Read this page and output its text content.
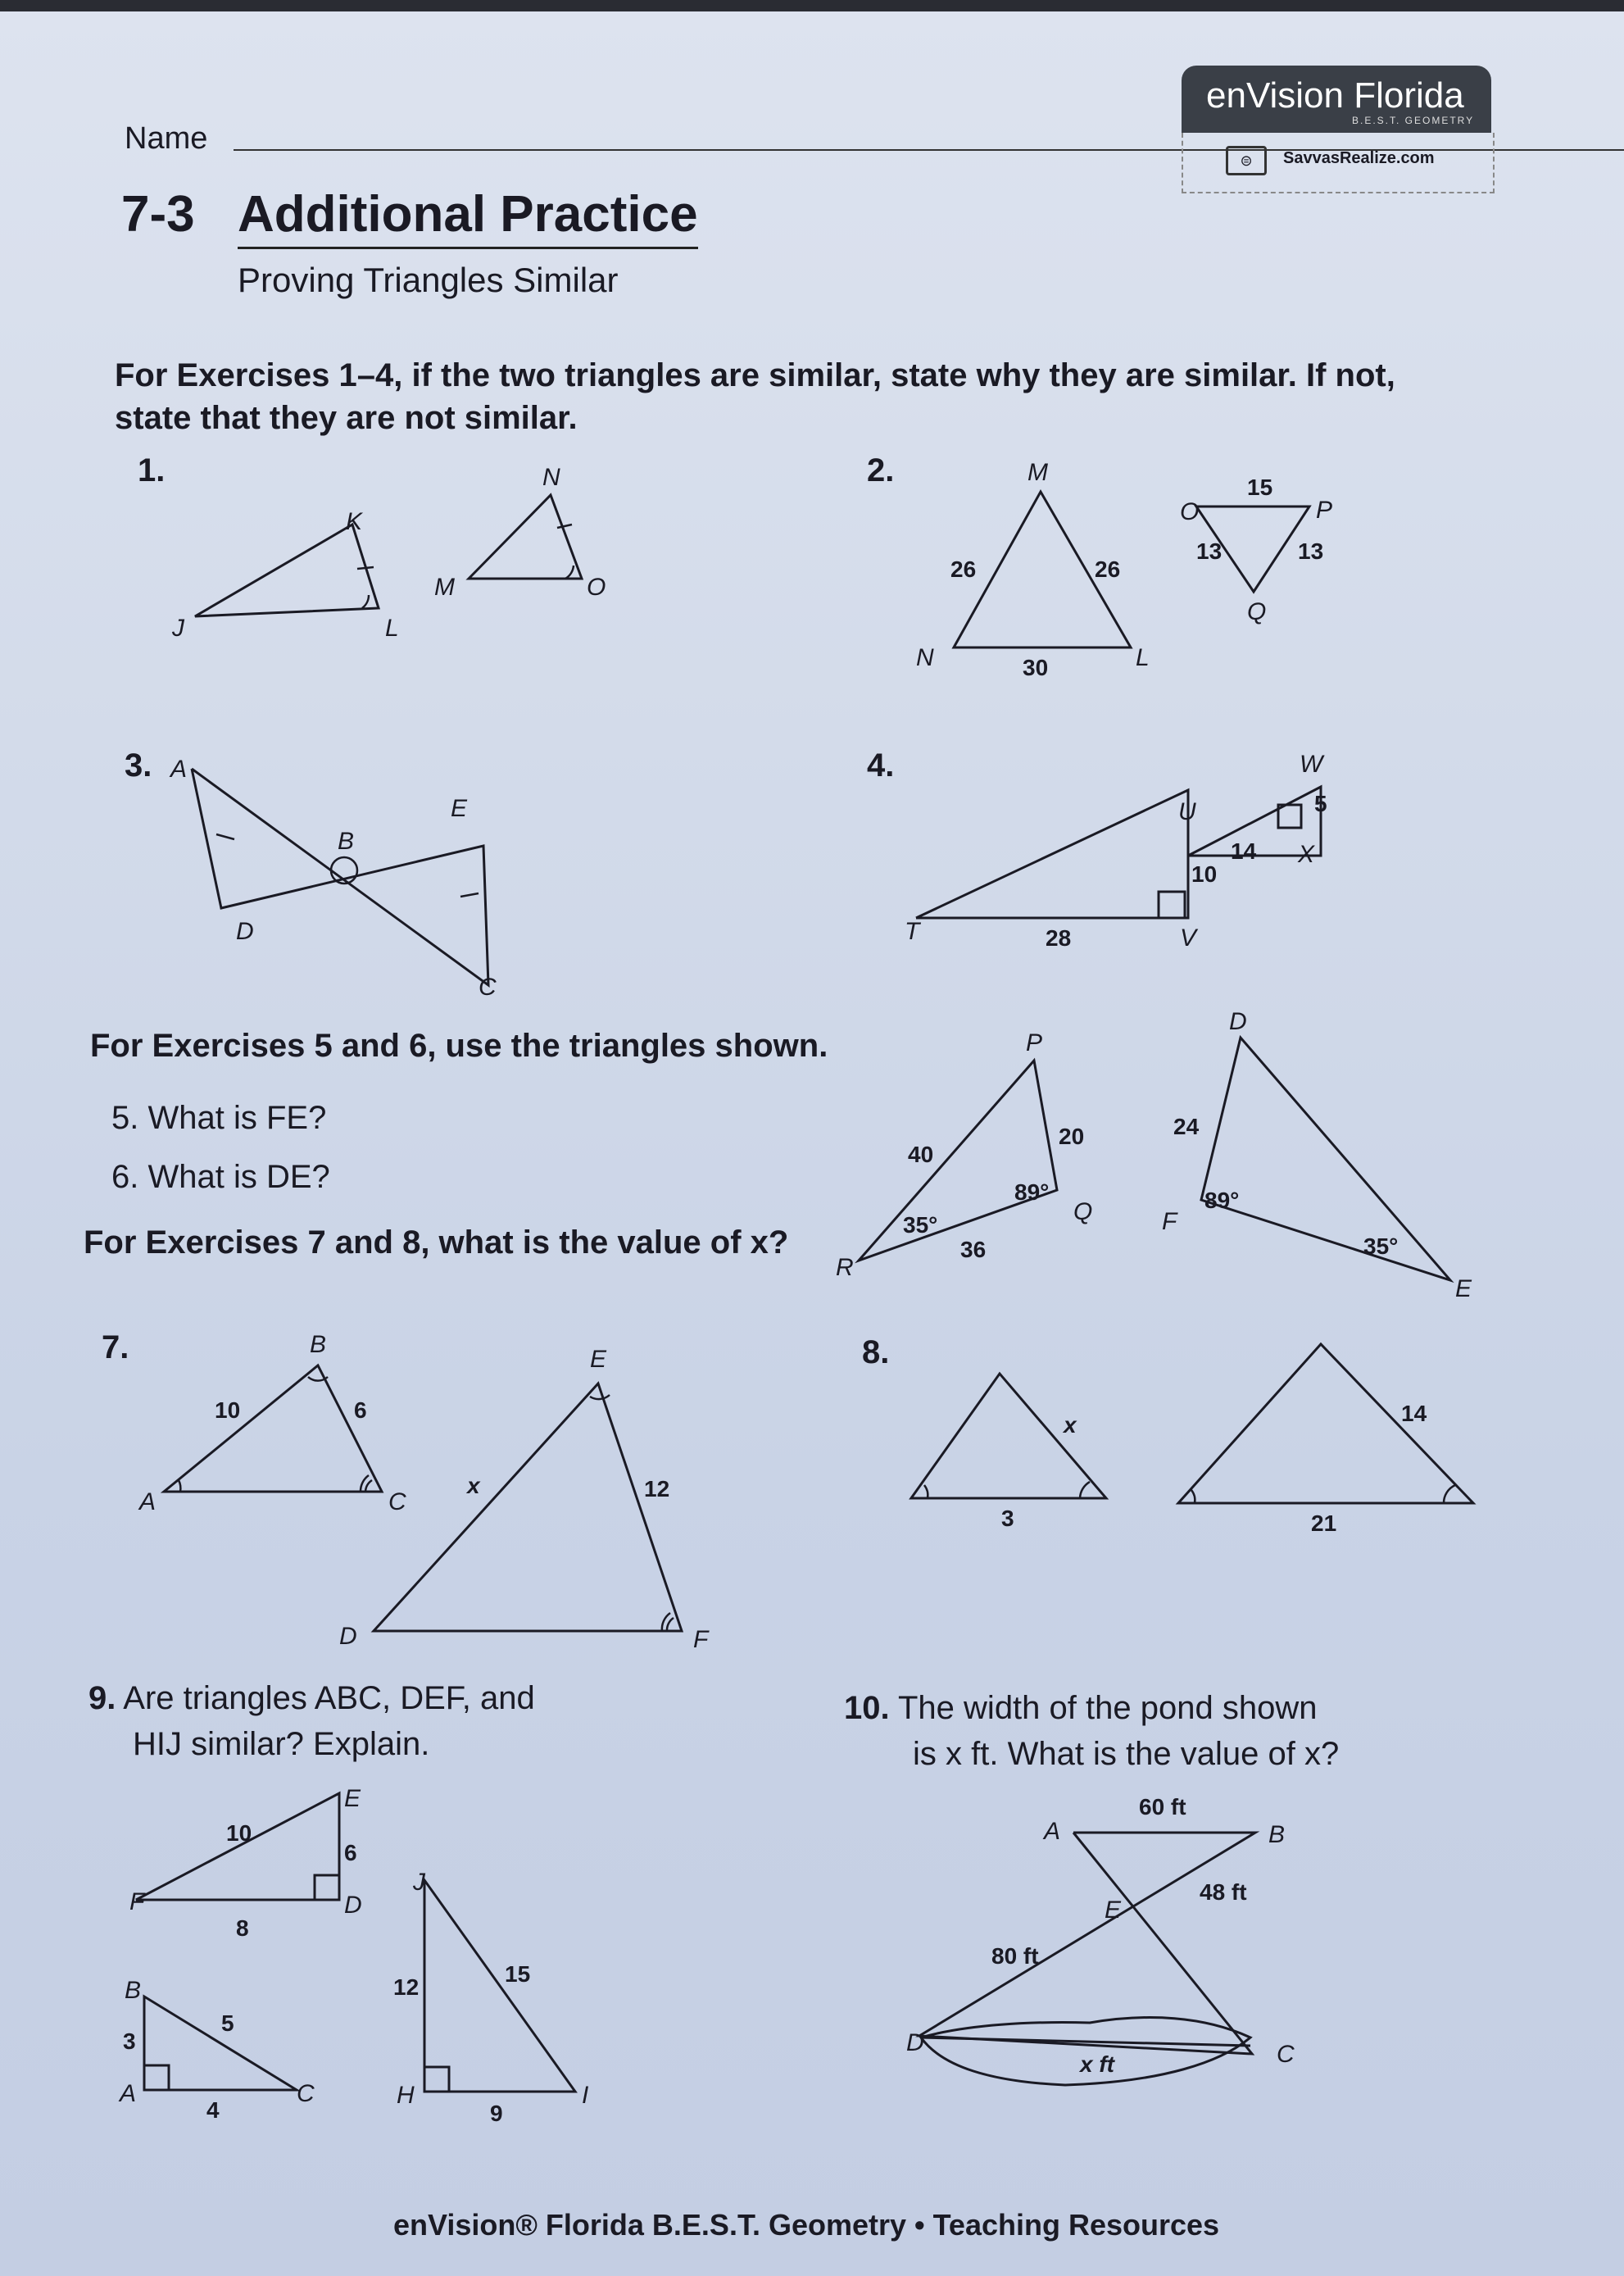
Name
enVision Florida
B.E.S.T. GEOMETRY
⊜	SavvasRealize.com
7-3 Additional Practice
Proving Triangles Similar
For Exercises 1–4, if the two triangles are similar, state why they are similar. If not, state that they are not similar.
1.	2.
3.	4.
For Exercises 5 and 6, use the triangles shown.
5. What is FE?
6. What is DE?
For Exercises 7 and 8, what is the value of x?
7.	8.
9. Are triangles ABC, DEF, and
HIJ similar? Explain.
10. The width of the pond shown
is x ft. What is the value of x?
K
J	L
N
M	O
M
N	L
O	P
Q
A
E
B
D
C
W
U
X
T	V
P
R
Q
D
F
E
B
A	C
E
D	F
E
F	D
B
A	C
J
H	I
A	B
E
D	C
26	26
30
15
13	13
5
14
10
28
40
20
36
24
89°
35°
89°
35°
10	6
12
x
3
14
21
x
10
6
8
3
5
4
12
15
9
60 ft
48 ft
80 ft
x ft
enVision® Florida B.E.S.T. Geometry • Teaching Resources
